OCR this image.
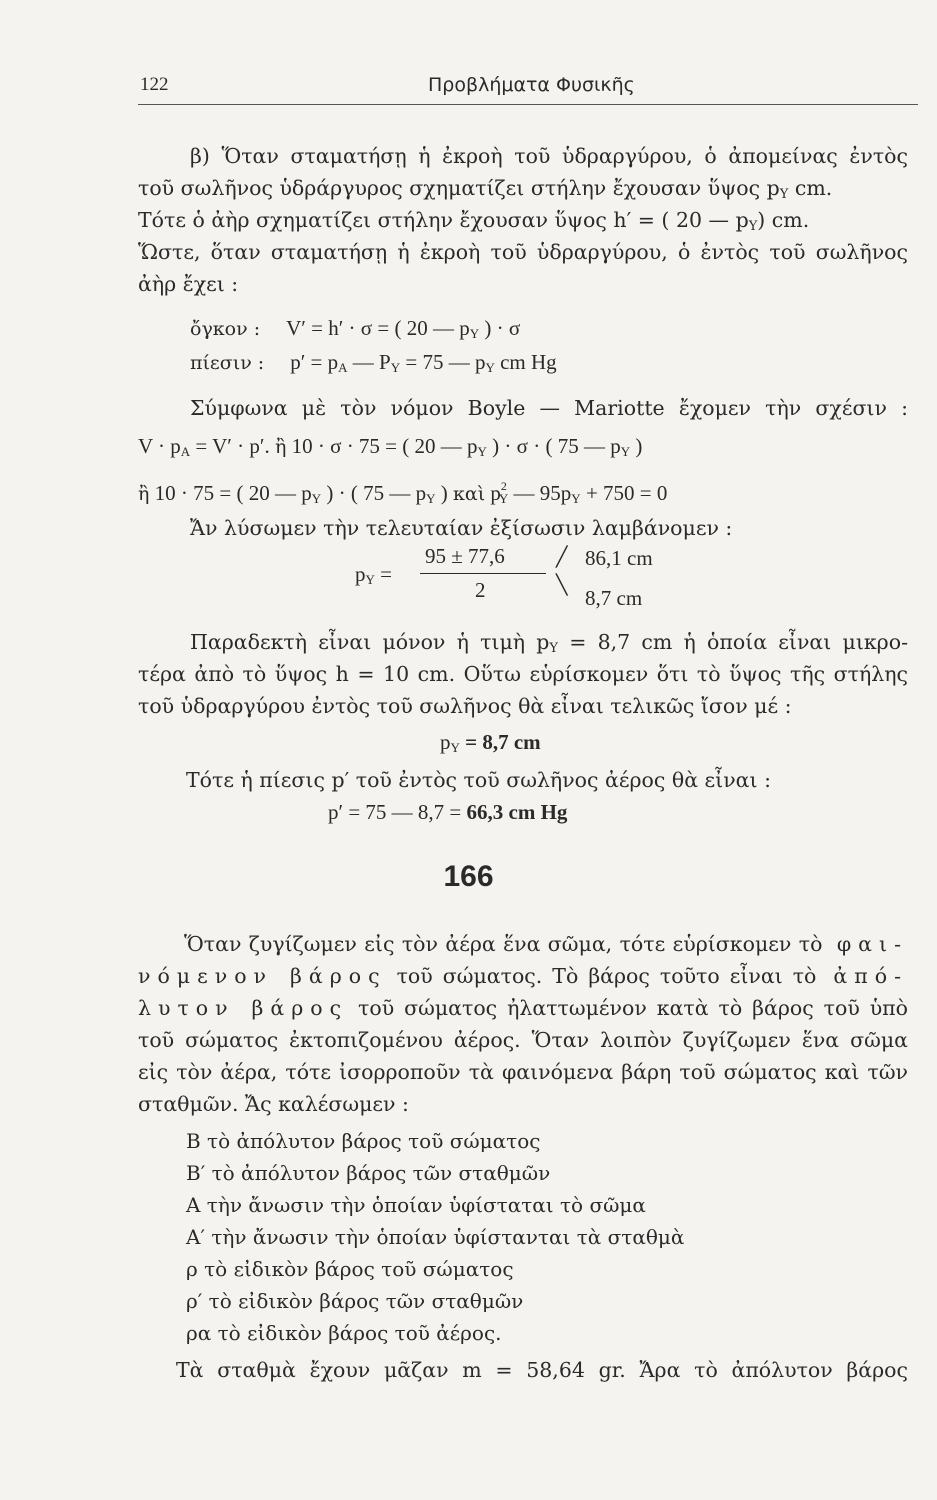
122	Προβλήματα Φυσικῆς
β) Ὅταν σταματήσῃ ἡ ἐκροὴ τοῦ ὑδραργύρου, ὁ ἀπομείνας ἐντὸς
τοῦ σωλῆνος ὑδράργυρος σχηματίζει στήλην ἔχουσαν ὕψος $p_Y$ cm.
Τότε ὁ ἀὴρ σχηματίζει στήλην ἔχουσαν ὕψος h′ = ( 20 — $p_Y$) cm.
Ὥστε, ὅταν σταματήσῃ ἡ ἐκροὴ τοῦ ὑδραργύρου, ὁ ἐντὸς τοῦ σωλῆνος
ἀὴρ ἔχει :
ὄγκον : V′ = h′ · σ = ( 20 — $p_Y$ ) · σ
πίεσιν : $p' = p_A$ — $P_Y = 75$ — $p_Y$ cm Hg
Σύμφωνα μὲ τὸν νόμον Boyle — Mariotte ἔχομεν τὴν σχέσιν :
$V \cdot p_A = V' \cdot p'$. ἢ 10 · σ · 75 = ( 20 — $p_Y$ ) · σ · ( 75 — $p_Y$ )
ἢ 10 · 75 = ( 20 — $p_Y$ ) · ( 75 — $p_Y$ ) καὶ $p^2_Y$ — $95p_Y + 750 = 0$
Ἄν λύσωμεν τὴν τελευταίαν ἐξίσωσιν λαμβάνομεν :
$p_Y$ =
95 ± 77,6
2
╱
╲
86,1 cm
8,7 cm
Παραδεκτὴ εἶναι μόνον ἡ τιμὴ $p_Y = 8,7$ cm ἡ ὁποία εἶναι μικρο-
τέρα ἀπὸ τὸ ὕψος h = 10 cm. Οὕτω εὑρίσκομεν ὅτι τὸ ὕψος τῆς στήλης
τοῦ ὑδραργύρου ἐντὸς τοῦ σωλῆνος θὰ εἶναι τελικῶς ἴσον μέ :
$p_Y = 8,7$ cm
Τότε ἡ πίεσις p′ τοῦ ἐντὸς τοῦ σωλῆνος ἀέρος θὰ εἶναι :
p′ = 75 — 8,7 = 66,3 cm Hg
166
Ὅταν ζυγίζωμεν εἰς τὸν ἀέρα ἕνα σῶμα, τότε εὑρίσκομεν τὸ φαι-
νόμενον βάρος τοῦ σώματος. Τὸ βάρος τοῦτο εἶναι τὸ ἀπό-
λυτον βάρος τοῦ σώματος ἠλαττωμένον κατὰ τὸ βάρος τοῦ ὑπὸ
τοῦ σώματος ἐκτοπιζομένου ἀέρος. Ὅταν λοιπὸν ζυγίζωμεν ἕνα σῶμα
εἰς τὸν ἀέρα, τότε ἰσορροποῦν τὰ φαινόμενα βάρη τοῦ σώματος καὶ τῶν
σταθμῶν. Ἄς καλέσωμεν :
B τὸ ἀπόλυτον βάρος τοῦ σώματος
B′ τὸ ἀπόλυτον βάρος τῶν σταθμῶν
A τὴν ἄνωσιν τὴν ὁποίαν ὑφίσταται τὸ σῶμα
A′ τὴν ἄνωσιν τὴν ὁποίαν ὑφίστανται τὰ σταθμὰ
ρ τὸ εἰδικὸν βάρος τοῦ σώματος
ρ′ τὸ εἰδικὸν βάρος τῶν σταθμῶν
ρα τὸ εἰδικὸν βάρος τοῦ ἀέρος.
Τὰ σταθμὰ ἔχουν μᾶζαν m = 58,64 gr. Ἄρα τὸ ἀπόλυτον βάρος
